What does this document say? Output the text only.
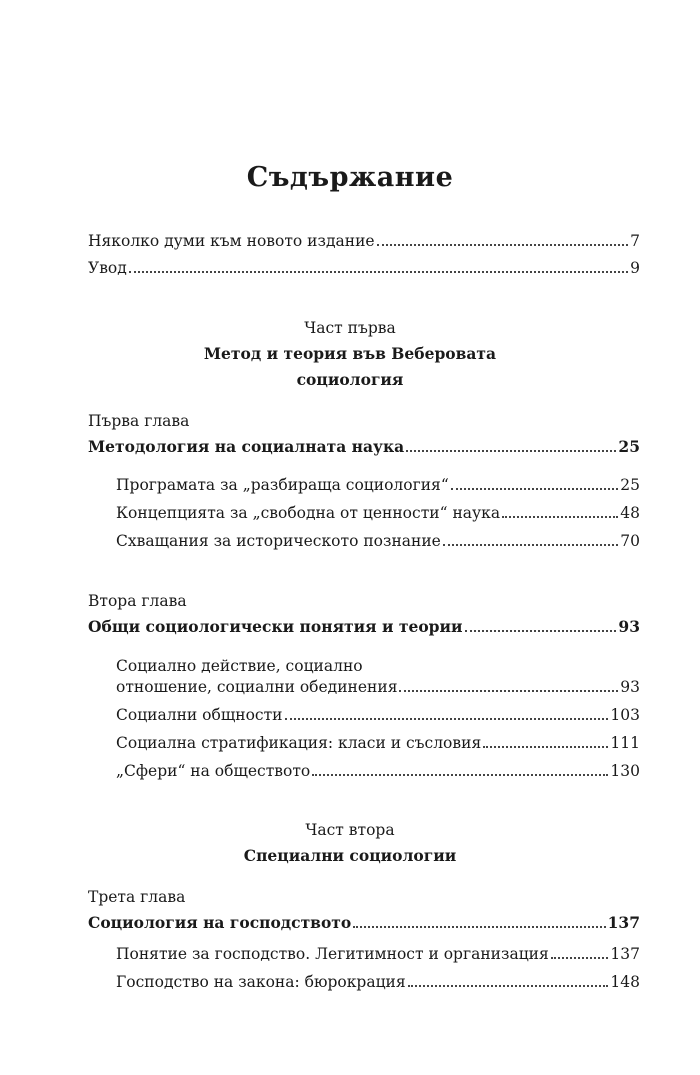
Съдържание
Няколко думи към новото издание	7
Увод	9
Част първа
Метод и теория във Веберовата
социология
Първа глава
Методология на социалната наука	25
Програмата за „разбираща социология“	25
Концепцията за „свободна от ценности“ наука	48
Схващания за историческото познание	70
Втора глава
Общи социологически понятия и теории	93
Социално действие, социално
отношение, социални обединения	93
Социални общности	103
Социална стратификация: класи и съсловия	111
„Сфери“ на обществото	130
Част втора
Специални социологии
Трета глава
Социология на господството	137
Понятие за господство. Легитимност и организация	137
Господство на закона: бюрокрация	148
